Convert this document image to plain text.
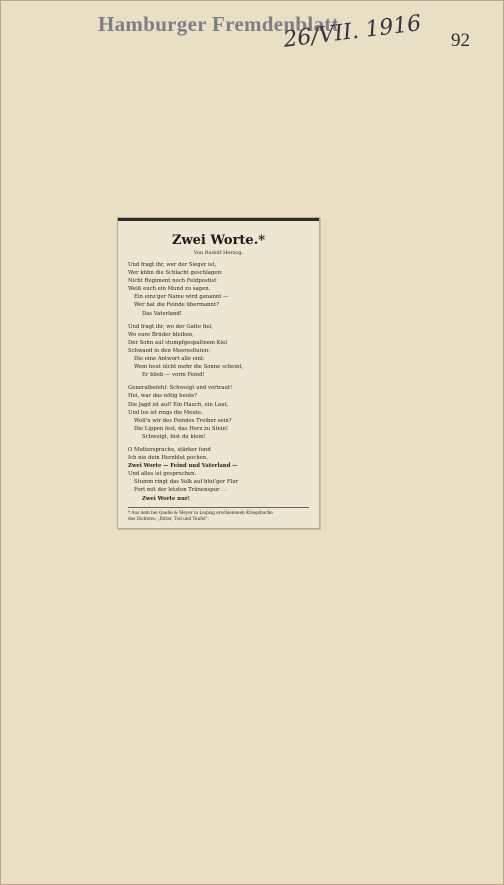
Hamburger Fremdenblatt
26/VII. 1916 92
Zwei Worte.*
Von Rudolf Herzog.
Und fragt ihr, wer der Sieger ist,
Wer kühn die Schlacht geschlagen:
Nicht Regiment noch Feldpostist
Weiß euch ein Mund zu sagen.
Ein einz'ger Name wird genannt —
Wer hat die Feinde übermannt?
Das Vaterland!
Und fragt ihr, wo der Gatte fiel,
Wo eure Brüder bleiben,
Der Sohn auf stumpfgespaltnem Kiel
Schwand in den Meeresfluten:
Die eine Antwort alle eint:
Wem heut nicht mehr die Sonne scheint,
Er blieb — vorm Feind!
Generalbefehl: Schweigt und vertraut!
Hei, war das nötig heute?
Die Jagd ist auf! Ein Hauch, ein Laut,
Und los ist rings die Meute.
Woll'n wir des Feindes Treiber sein?
Die Lippen fest, das Herz zu Stein!
Schweigt, bist du klein!
O Muttersprache, stärker fund
Ich nie dein Herzblut pochen.
Zwei Worte — Feind und Vaterland —
Und alles ist gesprochen.
Stumm ringt das Volk auf blut'ger Flur
Fort mit der letzten Tränenspur . .
Zwei Worte nur!
* Aus dem bei Quelle & Meyer in Leipzig erschienenen Kriegsbuche
des Dichters: „Ritter, Tod und Teufel".
